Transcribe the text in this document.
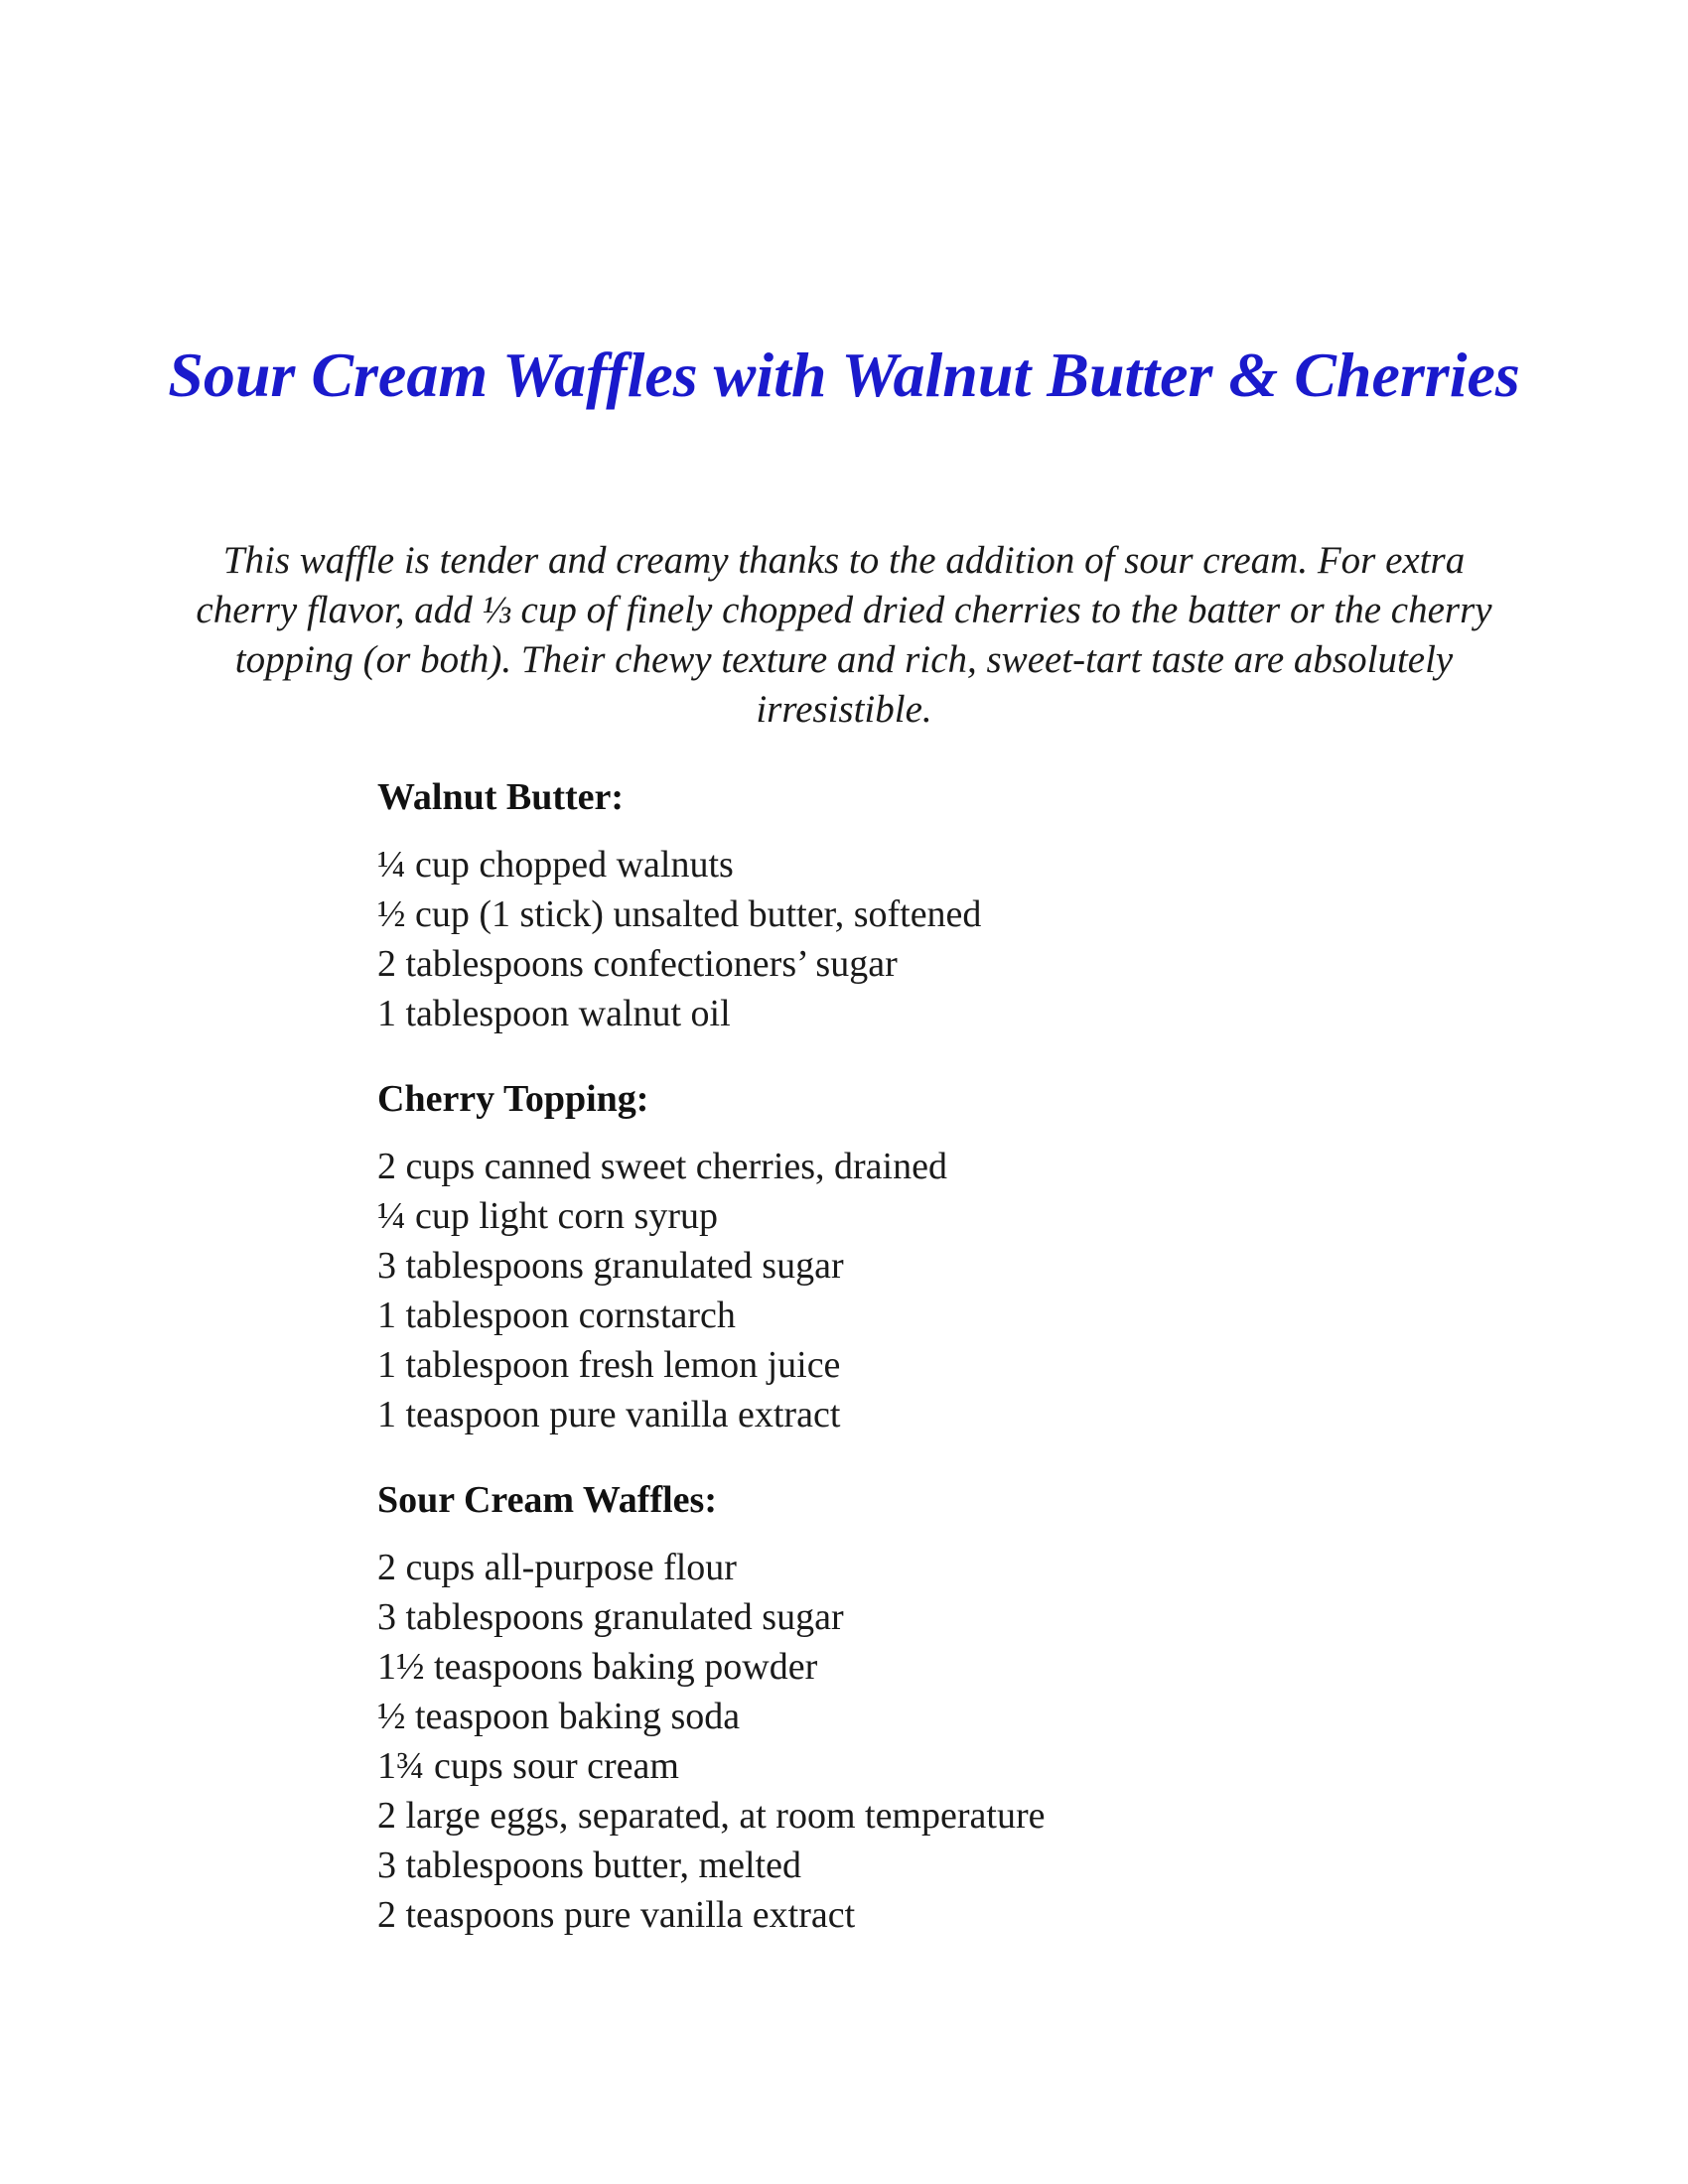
Sour Cream Waffles with Walnut Butter & Cherries

This waffle is tender and creamy thanks to the addition of sour cream. For extra cherry flavor, add ⅓ cup of finely chopped dried cherries to the batter or the cherry topping (or both). Their chewy texture and rich, sweet-tart taste are absolutely irresistible.

Walnut Butter:
¼ cup chopped walnuts
½ cup (1 stick) unsalted butter, softened
2 tablespoons confectioners’ sugar
1 tablespoon walnut oil
Cherry Topping:
2 cups canned sweet cherries, drained
¼ cup light corn syrup
3 tablespoons granulated sugar
1 tablespoon cornstarch
1 tablespoon fresh lemon juice
1 teaspoon pure vanilla extract
Sour Cream Waffles:
2 cups all-purpose flour
3 tablespoons granulated sugar
1½ teaspoons baking powder
½ teaspoon baking soda
1¾ cups sour cream
2 large eggs, separated, at room temperature
3 tablespoons butter, melted
2 teaspoons pure vanilla extract
